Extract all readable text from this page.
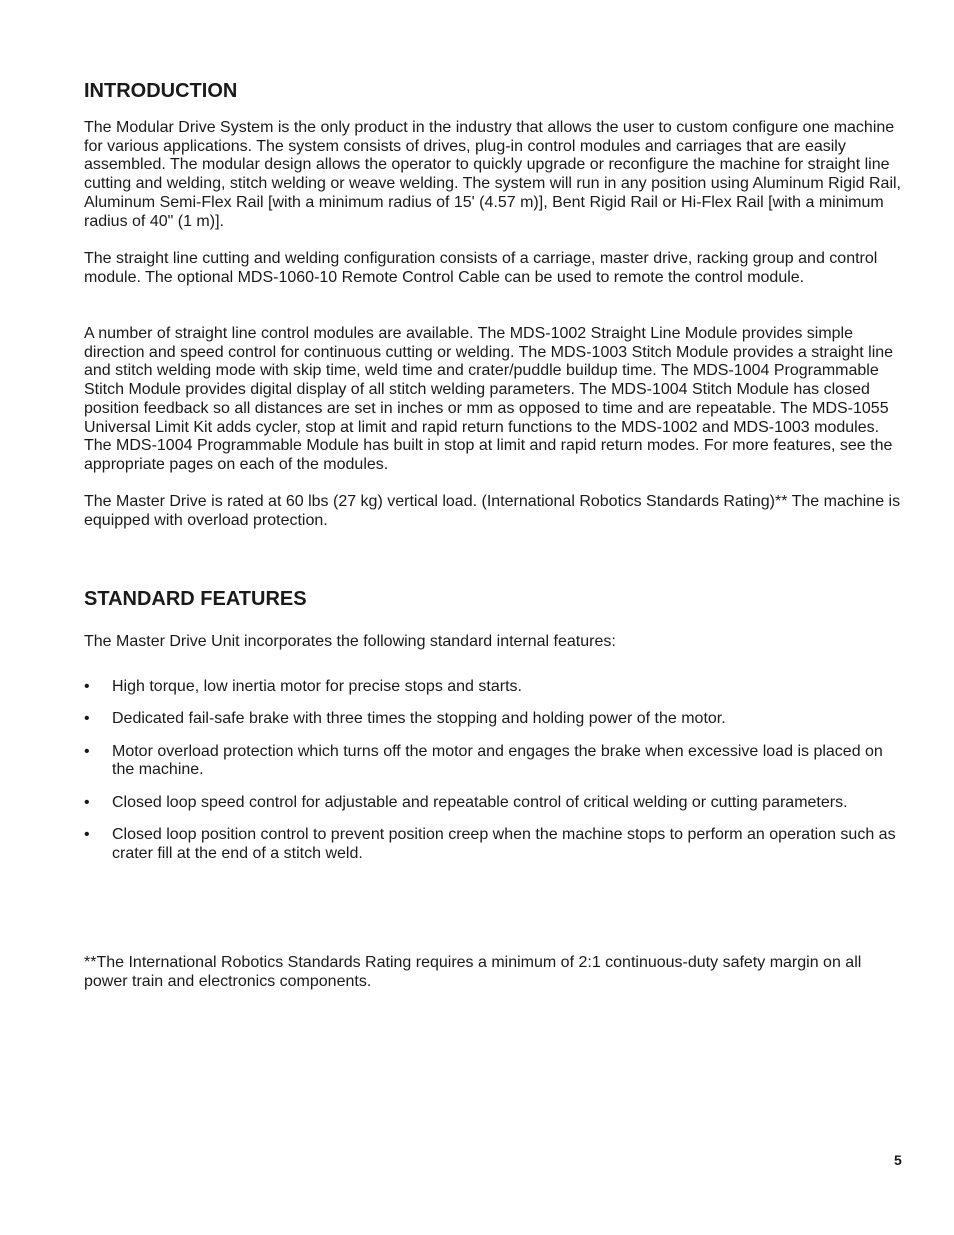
INTRODUCTION

The Modular Drive System is the only product in the industry that allows the user to custom configure one machine for various applications. The system consists of drives, plug-in control modules and carriages that are easily assembled. The modular design allows the operator to quickly upgrade or reconfigure the machine for straight line cutting and welding, stitch welding or weave welding. The system will run in any position using Aluminum Rigid Rail, Aluminum Semi-Flex Rail [with a minimum radius of 15' (4.57 m)], Bent Rigid Rail or Hi-Flex Rail [with a minimum radius of 40" (1 m)].

The straight line cutting and welding configuration consists of a carriage, master drive, racking group and control module. The optional MDS-1060-10 Remote Control Cable can be used to remote the control module.

A number of straight line control modules are available. The MDS-1002 Straight Line Module provides simple direction and speed control for continuous cutting or welding. The MDS-1003 Stitch Module provides a straight line and stitch welding mode with skip time, weld time and crater/puddle buildup time. The MDS-1004 Programmable Stitch Module provides digital display of all stitch welding parameters. The MDS-1004 Stitch Module has closed position feedback so all distances are set in inches or mm as opposed to time and are repeatable. The MDS-1055 Universal Limit Kit adds cycler, stop at limit and rapid return functions to the MDS-1002 and MDS-1003 modules. The MDS-1004 Programmable Module has built in stop at limit and rapid return modes. For more features, see the appropriate pages on each of the modules.

The Master Drive is rated at 60 lbs (27 kg) vertical load. (International Robotics Standards Rating)** The machine is equipped with overload protection.

STANDARD FEATURES

The Master Drive Unit incorporates the following standard internal features:

• High torque, low inertia motor for precise stops and starts.
• Dedicated fail-safe brake with three times the stopping and holding power of the motor.
• Motor overload protection which turns off the motor and engages the brake when excessive load is placed on the machine.
• Closed loop speed control for adjustable and repeatable control of critical welding or cutting parameters.
• Closed loop position control to prevent position creep when the machine stops to perform an operation such as crater fill at the end of a stitch weld.

**The International Robotics Standards Rating requires a minimum of 2:1 continuous-duty safety margin on all power train and electronics components.

5
